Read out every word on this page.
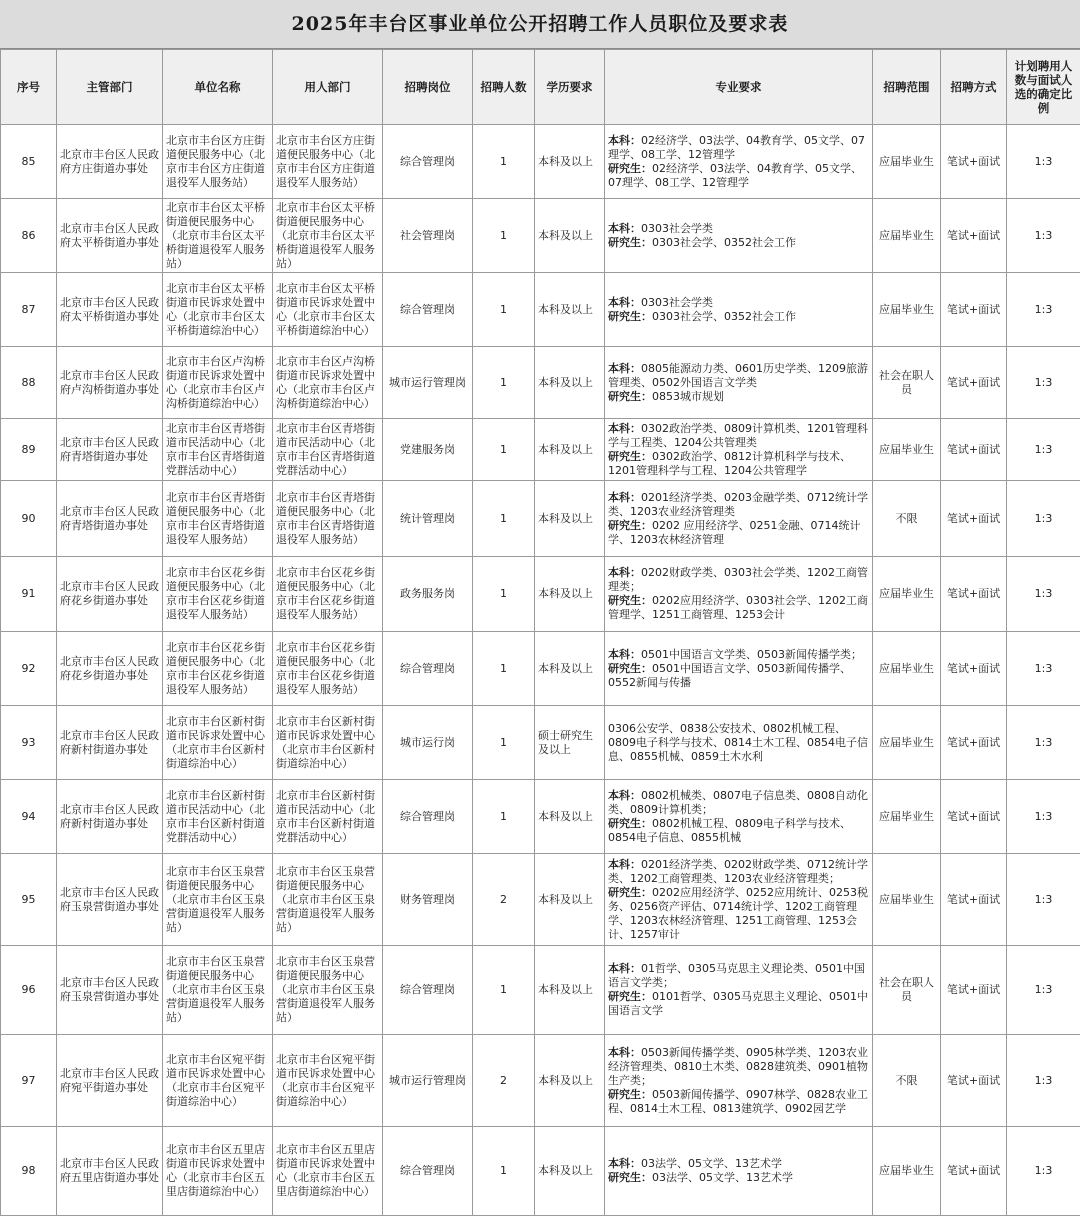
2025年丰台区事业单位公开招聘工作人员职位及要求表
序号	主管部门	单位名称	用人部门	招聘岗位	招聘人数	学历要求	专业要求	招聘范围	招聘方式	计划聘用人数与面试人选的确定比例
85	北京市丰台区人民政府方庄街道办事处	北京市丰台区方庄街道便民服务中心（北京市丰台区方庄街道退役军人服务站）	北京市丰台区方庄街道便民服务中心（北京市丰台区方庄街道退役军人服务站）	综合管理岗	1	本科及以上	本科：02经济学、03法学、04教育学、05文学、07理学、08工学、12管理学
研究生：02经济学、03法学、04教育学、05文学、07理学、08工学、12管理学	应届毕业生	笔试+面试	1:3
86	北京市丰台区人民政府太平桥街道办事处	北京市丰台区太平桥街道便民服务中心（北京市丰台区太平桥街道退役军人服务站）	北京市丰台区太平桥街道便民服务中心（北京市丰台区太平桥街道退役军人服务站）	社会管理岗	1	本科及以上	本科：0303社会学类
研究生：0303社会学、0352社会工作	应届毕业生	笔试+面试	1:3
87	北京市丰台区人民政府太平桥街道办事处	北京市丰台区太平桥街道市民诉求处置中心（北京市丰台区太平桥街道综治中心）	北京市丰台区太平桥街道市民诉求处置中心（北京市丰台区太平桥街道综治中心）	综合管理岗	1	本科及以上	本科：0303社会学类
研究生：0303社会学、0352社会工作	应届毕业生	笔试+面试	1:3
88	北京市丰台区人民政府卢沟桥街道办事处	北京市丰台区卢沟桥街道市民诉求处置中心（北京市丰台区卢沟桥街道综治中心）	北京市丰台区卢沟桥街道市民诉求处置中心（北京市丰台区卢沟桥街道综治中心）	城市运行管理岗	1	本科及以上	本科：0805能源动力类、0601历史学类、1209旅游管理类、0502外国语言文学类
研究生：0853城市规划	社会在职人员	笔试+面试	1:3
89	北京市丰台区人民政府青塔街道办事处	北京市丰台区青塔街道市民活动中心（北京市丰台区青塔街道党群活动中心）	北京市丰台区青塔街道市民活动中心（北京市丰台区青塔街道党群活动中心）	党建服务岗	1	本科及以上	本科：0302政治学类、0809计算机类、1201管理科学与工程类、1204公共管理类
研究生：0302政治学、0812计算机科学与技术、1201管理科学与工程、1204公共管理学	应届毕业生	笔试+面试	1:3
90	北京市丰台区人民政府青塔街道办事处	北京市丰台区青塔街道便民服务中心（北京市丰台区青塔街道退役军人服务站）	北京市丰台区青塔街道便民服务中心（北京市丰台区青塔街道退役军人服务站）	统计管理岗	1	本科及以上	本科：0201经济学类、0203金融学类、0712统计学类、1203农业经济管理类
研究生：0202 应用经济学、0251金融、0714统计学、1203农林经济管理	不限	笔试+面试	1:3
91	北京市丰台区人民政府花乡街道办事处	北京市丰台区花乡街道便民服务中心（北京市丰台区花乡街道退役军人服务站）	北京市丰台区花乡街道便民服务中心（北京市丰台区花乡街道退役军人服务站）	政务服务岗	1	本科及以上	本科：0202财政学类、0303社会学类、1202工商管理类；
研究生：0202应用经济学、0303社会学、1202工商管理学、1251工商管理、1253会计	应届毕业生	笔试+面试	1:3
92	北京市丰台区人民政府花乡街道办事处	北京市丰台区花乡街道便民服务中心（北京市丰台区花乡街道退役军人服务站）	北京市丰台区花乡街道便民服务中心（北京市丰台区花乡街道退役军人服务站）	综合管理岗	1	本科及以上	本科：0501中国语言文学类、0503新闻传播学类；
研究生：0501中国语言文学、0503新闻传播学、0552新闻与传播	应届毕业生	笔试+面试	1:3
93	北京市丰台区人民政府新村街道办事处	北京市丰台区新村街道市民诉求处置中心（北京市丰台区新村街道综治中心）	北京市丰台区新村街道市民诉求处置中心（北京市丰台区新村街道综治中心）	城市运行岗	1	硕士研究生及以上	0306公安学、0838公安技术、0802机械工程、0809电子科学与技术、0814土木工程、0854电子信息、0855机械、0859土木水利	应届毕业生	笔试+面试	1:3
94	北京市丰台区人民政府新村街道办事处	北京市丰台区新村街道市民活动中心（北京市丰台区新村街道党群活动中心）	北京市丰台区新村街道市民活动中心（北京市丰台区新村街道党群活动中心）	综合管理岗	1	本科及以上	本科：0802机械类、0807电子信息类、0808自动化类、0809计算机类；
研究生：0802机械工程、0809电子科学与技术、0854电子信息、0855机械	应届毕业生	笔试+面试	1:3
95	北京市丰台区人民政府玉泉营街道办事处	北京市丰台区玉泉营街道便民服务中心（北京市丰台区玉泉营街道退役军人服务站）	北京市丰台区玉泉营街道便民服务中心（北京市丰台区玉泉营街道退役军人服务站）	财务管理岗	2	本科及以上	本科：0201经济学类、0202财政学类、0712统计学类、1202工商管理类、1203农业经济管理类；
研究生：0202应用经济学、0252应用统计、0253税务、0256资产评估、0714统计学、1202工商管理学、1203农林经济管理、1251工商管理、1253会计、1257审计	应届毕业生	笔试+面试	1:3
96	北京市丰台区人民政府玉泉营街道办事处	北京市丰台区玉泉营街道便民服务中心（北京市丰台区玉泉营街道退役军人服务站）	北京市丰台区玉泉营街道便民服务中心（北京市丰台区玉泉营街道退役军人服务站）	综合管理岗	1	本科及以上	本科：01哲学、0305马克思主义理论类、0501中国语言文学类；
研究生：0101哲学、0305马克思主义理论、0501中国语言文学	社会在职人员	笔试+面试	1:3
97	北京市丰台区人民政府宛平街道办事处	北京市丰台区宛平街道市民诉求处置中心（北京市丰台区宛平街道综治中心）	北京市丰台区宛平街道市民诉求处置中心（北京市丰台区宛平街道综治中心）	城市运行管理岗	2	本科及以上	本科：0503新闻传播学类、0905林学类、1203农业经济管理类、0810土木类、0828建筑类、0901植物生产类；
研究生：0503新闻传播学、0907林学、0828农业工程、0814土木工程、0813建筑学、0902园艺学	不限	笔试+面试	1:3
98	北京市丰台区人民政府五里店街道办事处	北京市丰台区五里店街道市民诉求处置中心（北京市丰台区五里店街道综治中心）	北京市丰台区五里店街道市民诉求处置中心（北京市丰台区五里店街道综治中心）	综合管理岗	1	本科及以上	本科：03法学、05文学、13艺术学
研究生：03法学、05文学、13艺术学	应届毕业生	笔试+面试	1:3
